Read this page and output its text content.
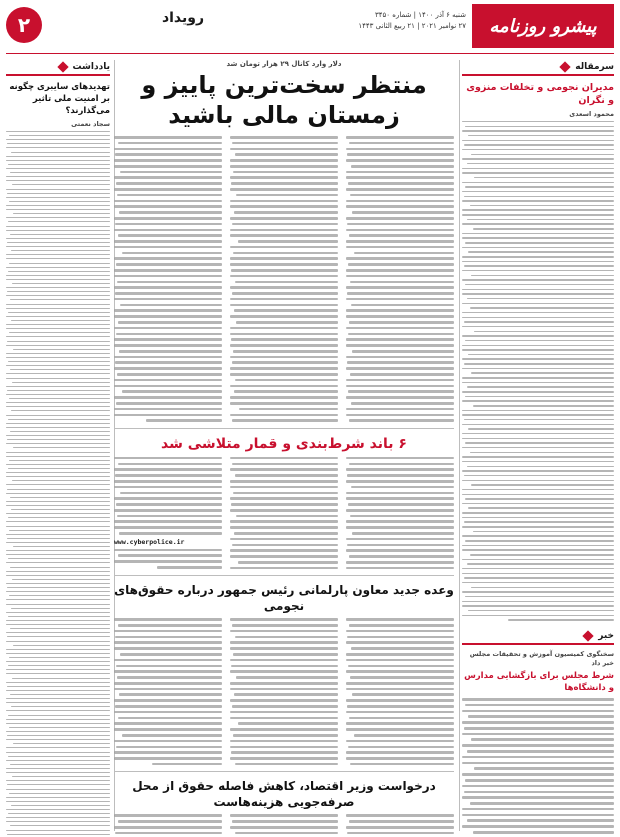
پیشرو روزنامه
شنبه ۶ آذر ۱۴۰۰ | شماره ۳۴۵۰
۲۷ نوامبر ۲۰۲۱ | ۲۱ ربیع الثانی ۱۴۴۳
رویداد
۲
سرمقاله
مدیران نجومی و تخلفات منزوی و نگران
محمود اسعدی
خبر
سخنگوی کمیسیون آموزش و تحقیقات مجلس خبر داد
شرط مجلس برای بازگشایی مدارس و دانشگاه‌ها
دلار وارد کانال ۲۹ هزار تومان شد
منتظر سخت‌ترین پاییز و زمستان مالی باشید
۶ باند شرط‌بندی و قمار متلاشی شد
www.cyberpolice.ir
وعده جدید معاون پارلمانی رئیس جمهور درباره حقوق‌های نجومی
درخواست وزیر اقتصاد، کاهش فاصله حقوق از محل صرفه‌جویی هزینه‌هاست
یادداشت
تهدیدهای سایبری چگونه بر امنیت ملی تاثیر می‌گذارند؟
سجاد نعمتی
